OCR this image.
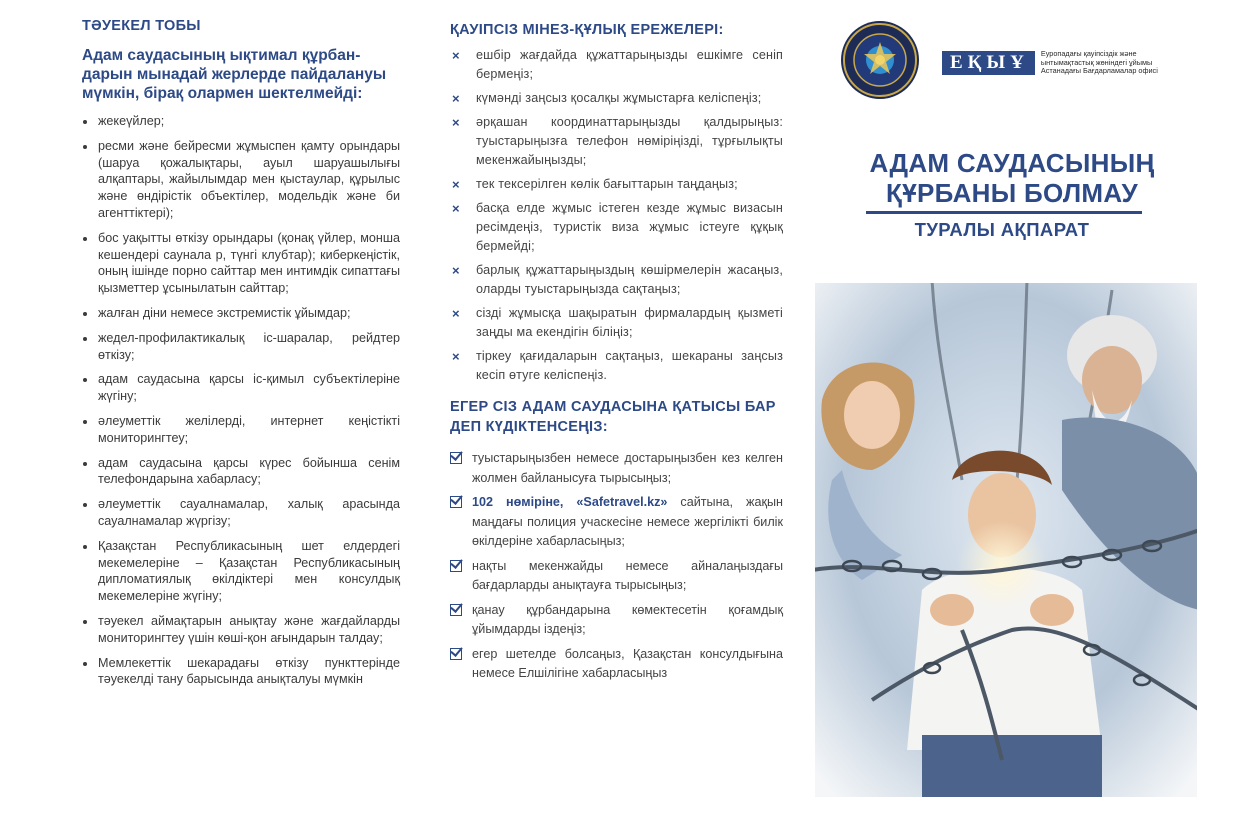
ТӘУЕКЕЛ ТОБЫ
Адам саудасының ықтимал құрбан-дарын мынадай жерлерде пайдалануы мүмкін, бірақ олармен шектелмейді:
жекеүйлер;
ресми және бейресми жұмыспен қамту орындары (шаруа қожалықтары, ауыл шаруашылығы алқаптары, жайылымдар мен қыстаулар, құрылыс және өндірістік объектілер, модельдік және би агенттіктері);
бос уақытты өткізу орындары (қонақ үйлер, монша кешендері саунала р, түнгі клубтар); киберкеңістік, оның ішінде порно сайттар мен интимдік сипаттағы қызметтер ұсынылатын сайттар;
жалған діни немесе экстремистік ұйымдар;
жедел-профилактикалық іс-шаралар, рейдтер өткізу;
адам саудасына қарсы іс-қимыл субъектілеріне жүгіну;
әлеуметтік желілерді, интернет кеңістікті мониторингтеу;
адам саудасына қарсы күрес бойынша сенім телефондарына хабарласу;
әлеуметтік сауалнамалар, халық арасында сауалнамалар жүргізу;
Қазақстан Республикасының шет елдердегі мекемелеріне – Қазақстан Республикасының дипломатиялық өкілдіктері мен консулдық мекемелеріне жүгіну;
тәуекел аймақтарын анықтау және жағдайларды мониторингтеу үшін көші-қон ағындарын талдау;
Мемлекеттік шекарадағы өткізу пункттерінде тәуекелді тану барысында анықталуы мүмкін
ҚАУІПСІЗ МІНЕЗ-ҚҰЛЫҚ ЕРЕЖЕЛЕРІ:
× ешбір жағдайда құжаттарыңызды ешкімге сеніп бермеңіз;
× күмәнді заңсыз қосалқы жұмыстарға келіспеңіз;
× әрқашан координаттарыңызды қалдырыңыз: туыстарыңызға телефон нөміріңізді, тұрғылықты мекенжайыңызды;
× тек тексерілген көлік бағыттарын таңдаңыз;
× басқа елде жұмыс істеген кезде жұмыс визасын ресімдеңіз, туристік виза жұмыс істеуге құқық бермейді;
× барлық құжаттарыңыздың көшірмелерін жасаңыз, оларды туыстарыңызда сақтаңыз;
× сізді жұмысқа шақыратын фирмалардың қызметі заңды ма екендігін біліңіз;
× тіркеу қағидаларын сақтаңыз, шекараны заңсыз кесіп өтуге келіспеңіз.
ЕГЕР СІЗ АДАМ САУДАСЫНА ҚАТЫСЫ БАР ДЕП КҮДІКТЕНСЕҢІЗ:
туыстарыңызбен немесе достарыңызбен кез келген жолмен байланысуға тырысыңыз;
102 нөміріне, «Safetravel.kz» сайтына, жақын маңдағы полиция учаскесіне немесе жергілікті билік өкілдеріне хабарласыңыз;
нақты мекенжайды немесе айналаңыздағы бағдарларды анықтауға тырысыңыз;
қанау құрбандарына көмектесетін қоғамдық ұйымдарды іздеңіз;
егер шетелде болсаңыз, Қазақстан консулдығына немесе Елшілігіне хабарласыңыз
ЕҚЫҰ	Еуропадағы қауіпсіздік және ынтымақтастық жөніндегі ұйымы Астанадағы Бағдарламалар офисі
АДАМ САУДАСЫНЫҢ
ҚҰРБАНЫ БОЛМАУ
ТУРАЛЫ АҚПАРАТ
